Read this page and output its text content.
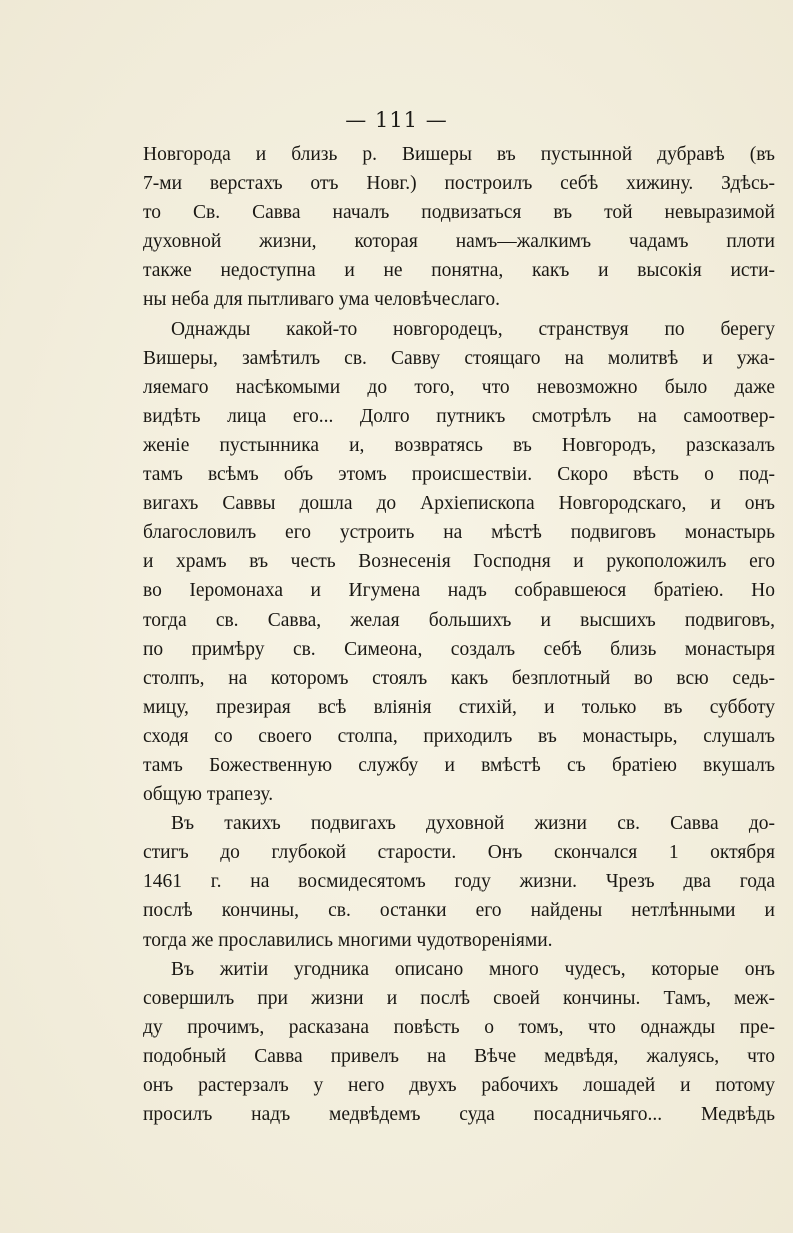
— 111 —
Новгорода и близь р. Вишеры въ пустынной дубравѣ (въ
7-ми верстахъ отъ Новг.) построилъ себѣ хижину. Здѣсь-
то Св. Савва началъ подвизаться въ той невыразимой
духовной жизни, которая намъ—жалкимъ чадамъ плоти
также недоступна и не понятна, какъ и высокія исти-
ны неба для пытливаго ума человѣчеслаго.
Однажды какой-то новгородецъ, странствуя по берегу
Вишеры, замѣтилъ св. Савву стоящаго на молитвѣ и ужа-
ляемаго насѣкомыми до того, что невозможно было даже
видѣть лица его... Долго путникъ смотрѣлъ на самоотвер-
женіе пустынника и, возвратясь въ Новгородъ, разсказалъ
тамъ всѣмъ объ этомъ происшествіи. Скоро вѣсть о под-
вигахъ Саввы дошла до Архіепископа Новгородскаго, и онъ
благословилъ его устроить на мѣстѣ подвиговъ монастырь
и храмъ въ честь Вознесенія Господня и рукоположилъ его
во Іеромонаха и Игумена надъ собравшеюся братіею. Но
тогда св. Савва, желая большихъ и высшихъ подвиговъ,
по примѣру св. Симеона, создалъ себѣ близь монастыря
столпъ, на которомъ стоялъ какъ безплотный во всю седь-
мицу, презирая всѣ вліянія стихій, и только въ субботу
сходя со своего столпа, приходилъ въ монастырь, слушалъ
тамъ Божественную службу и вмѣстѣ съ братіею вкушалъ
общую трапезу.
Въ такихъ подвигахъ духовной жизни св. Савва до-
стигъ до глубокой старости. Онъ скончался 1 октября
1461 г. на восмидесятомъ году жизни. Чрезъ два года
послѣ кончины, св. останки его найдены нетлѣнными и
тогда же прославились многими чудотвореніями.
Въ житіи угодника описано много чудесъ, которые онъ
совершилъ при жизни и послѣ своей кончины. Тамъ, меж-
ду прочимъ, расказана повѣсть о томъ, что однажды пре-
подобный Савва привелъ на Вѣче медвѣдя, жалуясь, что
онъ растерзалъ у него двухъ рабочихъ лошадей и потому
просилъ надъ медвѣдемъ суда посадничьяго... Медвѣдь
